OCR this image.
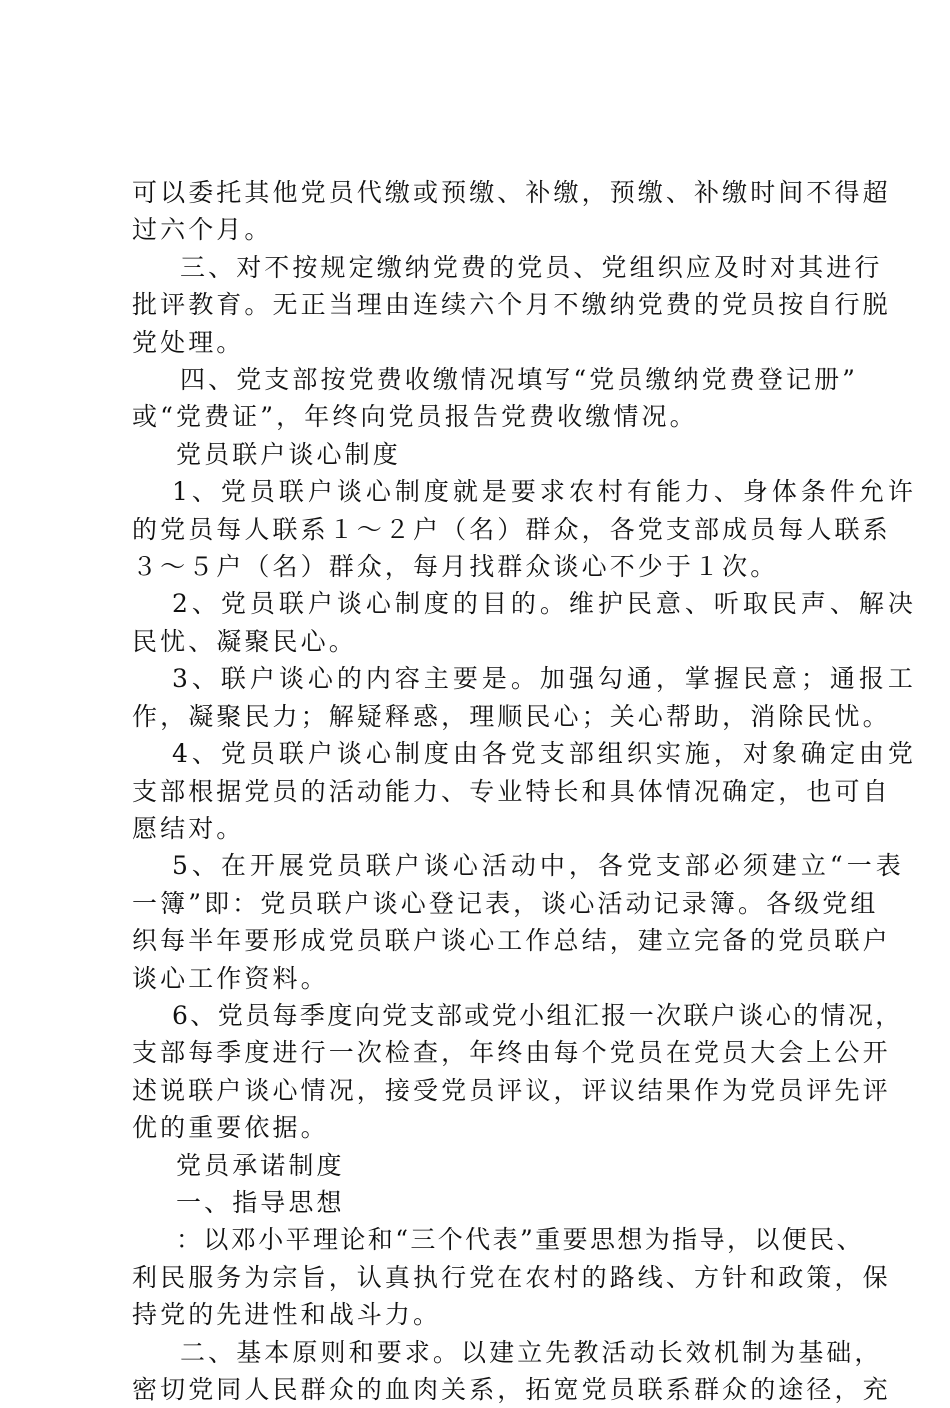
可以委托其他党员代缴或预缴、补缴，预缴、补缴时间不得超

过六个月。

三、对不按规定缴纳党费的党员、党组织应及时对其进行

批评教育。无正当理由连续六个月不缴纳党费的党员按自行脱

党处理。

四、党支部按党费收缴情况填写“党员缴纳党费登记册”

或“党费证”，年终向党员报告党费收缴情况。

党员联户谈心制度

1、党员联户谈心制度就是要求农村有能力、身体条件允许

的党员每人联系１～２户（名）群众，各党支部成员每人联系

３～５户（名）群众，每月找群众谈心不少于１次。

2、党员联户谈心制度的目的。维护民意、听取民声、解决

民忧、凝聚民心。

3、联户谈心的内容主要是。加强勾通，掌握民意；通报工

作，凝聚民力；解疑释惑，理顺民心；关心帮助，消除民忧。

4、党员联户谈心制度由各党支部组织实施，对象确定由党

支部根据党员的活动能力、专业特长和具体情况确定，也可自

愿结对。

5、在开展党员联户谈心活动中，各党支部必须建立“一表

一簿”即：党员联户谈心登记表，谈心活动记录簿。各级党组

织每半年要形成党员联户谈心工作总结，建立完备的党员联户

谈心工作资料。

6、党员每季度向党支部或党小组汇报一次联户谈心的情况，

支部每季度进行一次检查，年终由每个党员在党员大会上公开

述说联户谈心情况，接受党员评议，评议结果作为党员评先评

优的重要依据。

党员承诺制度

一、指导思想

：以邓小平理论和“三个代表”重要思想为指导，以便民、

利民服务为宗旨，认真执行党在农村的路线、方针和政策，保

持党的先进性和战斗力。

二、基本原则和要求。以建立先教活动长效机制为基础，

密切党同人民群众的血肉关系，拓宽党员联系群众的途径，充
